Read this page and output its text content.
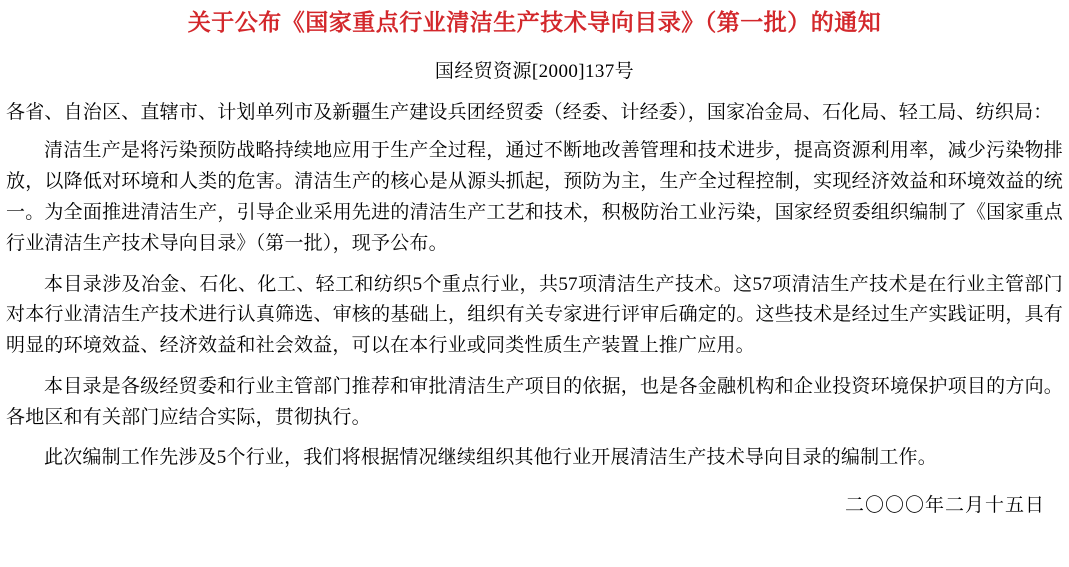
关于公布《国家重点行业清洁生产技术导向目录》（第一批）的通知
国经贸资源[2000]137号
各省、自治区、直辖市、计划单列市及新疆生产建设兵团经贸委（经委、计经委），国家冶金局、石化局、轻工局、纺织局：

清洁生产是将污染预防战略持续地应用于生产全过程，通过不断地改善管理和技术进步，提高资源利用率，减少污染物排放，以降低对环境和人类的危害。清洁生产的核心是从源头抓起，预防为主，生产全过程控制，实现经济效益和环境效益的统一。为全面推进清洁生产，引导企业采用先进的清洁生产工艺和技术，积极防治工业污染，国家经贸委组织编制了《国家重点行业清洁生产技术导向目录》（第一批），现予公布。

本目录涉及冶金、石化、化工、轻工和纺织5个重点行业，共57项清洁生产技术。这57项清洁生产技术是在行业主管部门对本行业清洁生产技术进行认真筛选、审核的基础上，组织有关专家进行评审后确定的。这些技术是经过生产实践证明，具有明显的环境效益、经济效益和社会效益，可以在本行业或同类性质生产装置上推广应用。

本目录是各级经贸委和行业主管部门推荐和审批清洁生产项目的依据，也是各金融机构和企业投资环境保护项目的方向。各地区和有关部门应结合实际，贯彻执行。

此次编制工作先涉及5个行业，我们将根据情况继续组织其他行业开展清洁生产技术导向目录的编制工作。

二〇〇〇年二月十五日
